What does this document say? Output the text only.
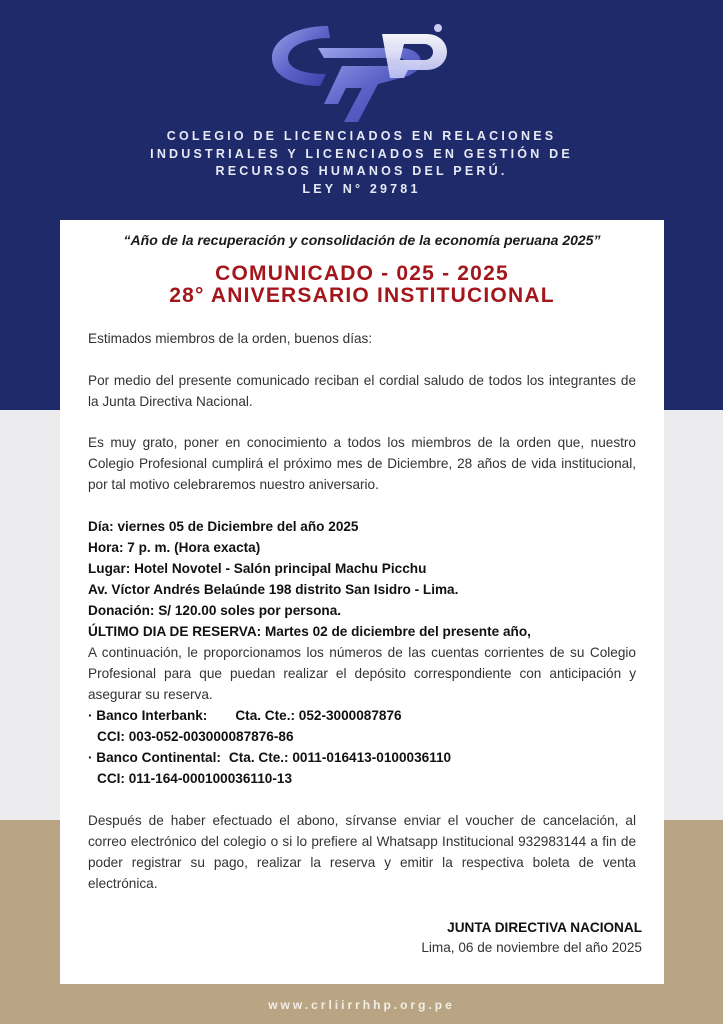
COLEGIO DE LICENCIADOS EN RELACIONES
INDUSTRIALES Y LICENCIADOS EN GESTIÓN DE
RECURSOS HUMANOS DEL PERÚ.
LEY N° 29781
“Año de la recuperación y consolidación de la economía peruana 2025”
COMUNICADO - 025 - 2025
28° ANIVERSARIO INSTITUCIONAL
Estimados miembros de la orden, buenos días:
Por medio del presente comunicado reciban el cordial saludo de todos los integrantes de la Junta Directiva Nacional.
Es muy grato, poner en conocimiento a todos los miembros de la orden que, nuestro Colegio Profesional cumplirá el próximo mes de Diciembre, 28 años de vida institucional, por tal motivo celebraremos nuestro aniversario.
Día: viernes 05 de Diciembre del año 2025
Hora: 7 p. m. (Hora exacta)
Lugar: Hotel Novotel - Salón principal Machu Picchu
Av. Víctor Andrés Belaúnde 198 distrito San Isidro - Lima.
Donación: S/ 120.00 soles por persona.
ÚLTIMO DIA DE RESERVA: Martes 02 de diciembre del presente año,
A continuación, le proporcionamos los números de las cuentas corrientes de su Colegio Profesional para que puedan realizar el depósito correspondiente con anticipación y asegurar su reserva.
· Banco Interbank: Cta. Cte.: 052-3000087876
CCI: 003-052-003000087876-86
· Banco Continental: Cta. Cte.: 0011-016413-0100036110
CCI: 011-164-000100036110-13
Después de haber efectuado el abono, sírvanse enviar el voucher de cancelación, al correo electrónico del colegio o si lo prefiere al Whatsapp Institucional 932983144 a fin de poder registrar su pago, realizar la reserva y emitir la respectiva boleta de venta electrónica.
JUNTA DIRECTIVA NACIONAL
Lima, 06 de noviembre del año 2025
www.crliirrhhp.org.pe
